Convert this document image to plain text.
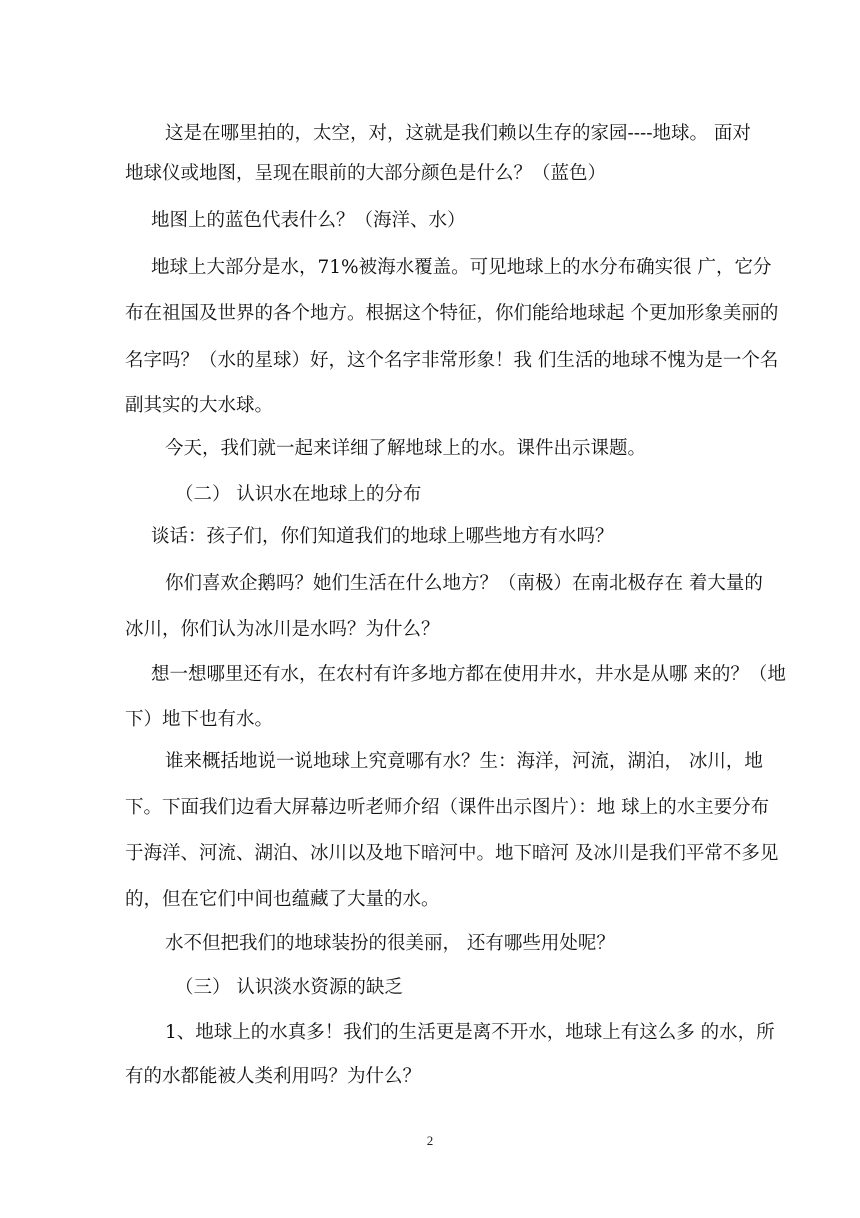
这是在哪里拍的，太空，对，这就是我们赖以生存的家园----地球。 面对
地球仪或地图，呈现在眼前的大部分颜色是什么？（蓝色）
地图上的蓝色代表什么？（海洋、水）
地球上大部分是水，71%被海水覆盖。可见地球上的水分布确实很 广，它分
布在祖国及世界的各个地方。根据这个特征，你们能给地球起 个更加形象美丽的
名字吗？（水的星球）好，这个名字非常形象！我 们生活的地球不愧为是一个名
副其实的大水球。
今天，我们就一起来详细了解地球上的水。课件出示课题。
（二） 认识水在地球上的分布
谈话：孩子们，你们知道我们的地球上哪些地方有水吗？
你们喜欢企鹅吗？她们生活在什么地方？（南极）在南北极存在 着大量的
冰川，你们认为冰川是水吗？为什么？
想一想哪里还有水，在农村有许多地方都在使用井水，井水是从哪 来的？（地
下）地下也有水。
谁来概括地说一说地球上究竟哪有水？生：海洋，河流，湖泊， 冰川，地
下。下面我们边看大屏幕边听老师介绍（课件出示图片）：地 球上的水主要分布
于海洋、河流、湖泊、冰川以及地下暗河中。地下暗河 及冰川是我们平常不多见
的，但在它们中间也蕴藏了大量的水。
水不但把我们的地球装扮的很美丽， 还有哪些用处呢？
（三） 认识淡水资源的缺乏
1、地球上的水真多！我们的生活更是离不开水，地球上有这么多 的水，所
有的水都能被人类利用吗？为什么？
2
